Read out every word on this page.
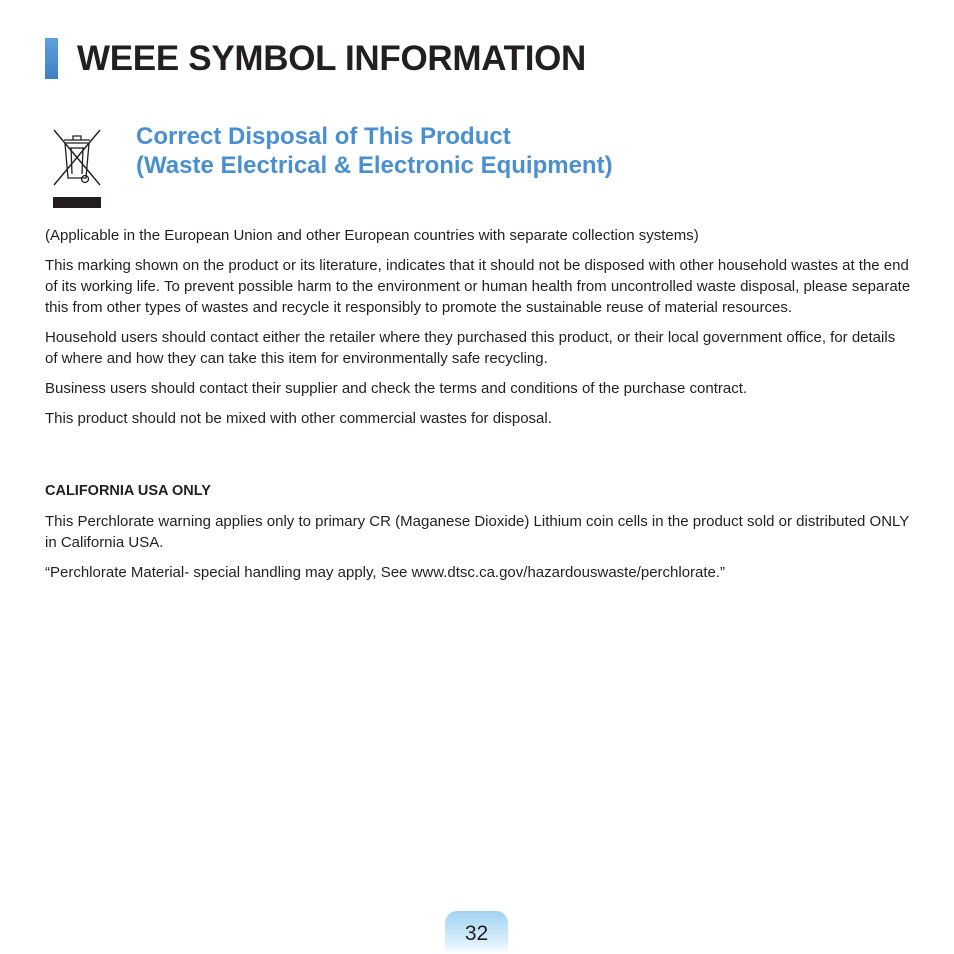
WEEE SYMBOL INFORMATION
Correct Disposal of This Product
(Waste Electrical & Electronic Equipment)

(Applicable in the European Union and other European countries with separate collection systems)

This marking shown on the product or its literature, indicates that it should not be disposed with other household wastes at the end of its working life. To prevent possible harm to the environment or human health from uncontrolled waste disposal, please separate this from other types of wastes and recycle it responsibly to promote the sustainable reuse of material resources.

Household users should contact either the retailer where they purchased this product, or their local government office, for details of where and how they can take this item for environmentally safe recycling.

Business users should contact their supplier and check the terms and conditions of the purchase contract.

This product should not be mixed with other commercial wastes for disposal.

CALIFORNIA USA ONLY

This Perchlorate warning applies only to primary CR (Maganese Dioxide) Lithium coin cells in the product sold or distributed ONLY in California USA.

“Perchlorate Material- special handling may apply, See www.dtsc.ca.gov/hazardouswaste/perchlorate.”

32
